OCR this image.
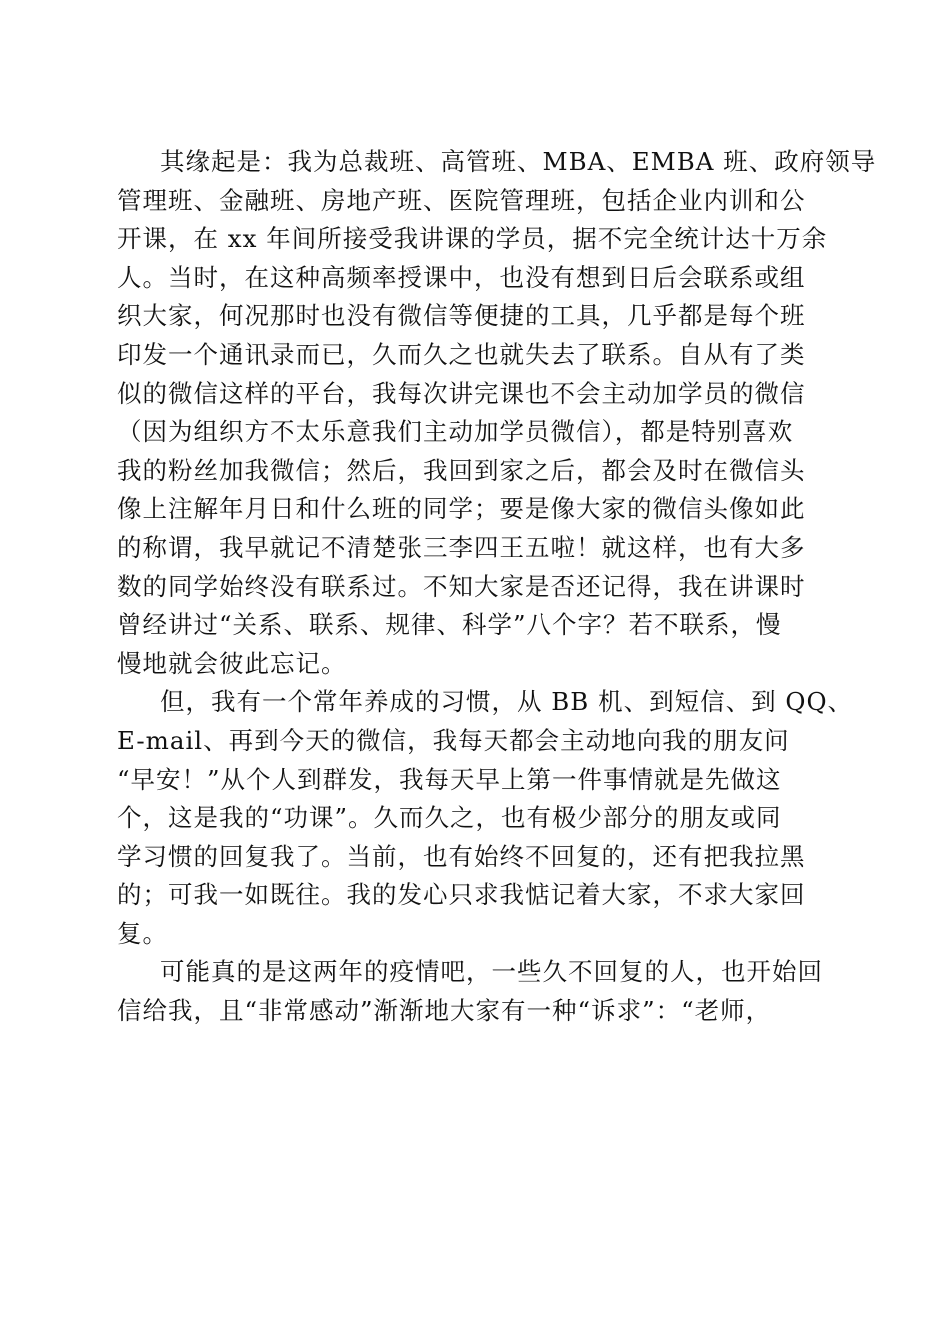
其缘起是：我为总裁班、高管班、MBA、EMBA 班、政府领导
管理班、金融班、房地产班、医院管理班，包括企业内训和公
开课，在 xx 年间所接受我讲课的学员，据不完全统计达十万余
人。当时，在这种高频率授课中，也没有想到日后会联系或组
织大家，何况那时也没有微信等便捷的工具，几乎都是每个班
印发一个通讯录而已，久而久之也就失去了联系。自从有了类
似的微信这样的平台，我每次讲完课也不会主动加学员的微信
（因为组织方不太乐意我们主动加学员微信），都是特别喜欢
我的粉丝加我微信；然后，我回到家之后，都会及时在微信头
像上注解年月日和什么班的同学；要是像大家的微信头像如此
的称谓，我早就记不清楚张三李四王五啦！就这样，也有大多
数的同学始终没有联系过。不知大家是否还记得，我在讲课时
曾经讲过“关系、联系、规律、科学”八个字？若不联系，慢
慢地就会彼此忘记。
但，我有一个常年养成的习惯，从 BB 机、到短信、到 QQ、
E-mail、再到今天的微信，我每天都会主动地向我的朋友问
“早安！”从个人到群发，我每天早上第一件事情就是先做这
个，这是我的“功课”。久而久之，也有极少部分的朋友或同
学习惯的回复我了。当前，也有始终不回复的，还有把我拉黑
的；可我一如既往。我的发心只求我惦记着大家，不求大家回
复。
可能真的是这两年的疫情吧，一些久不回复的人，也开始回
信给我，且“非常感动”渐渐地大家有一种“诉求”：“老师，
